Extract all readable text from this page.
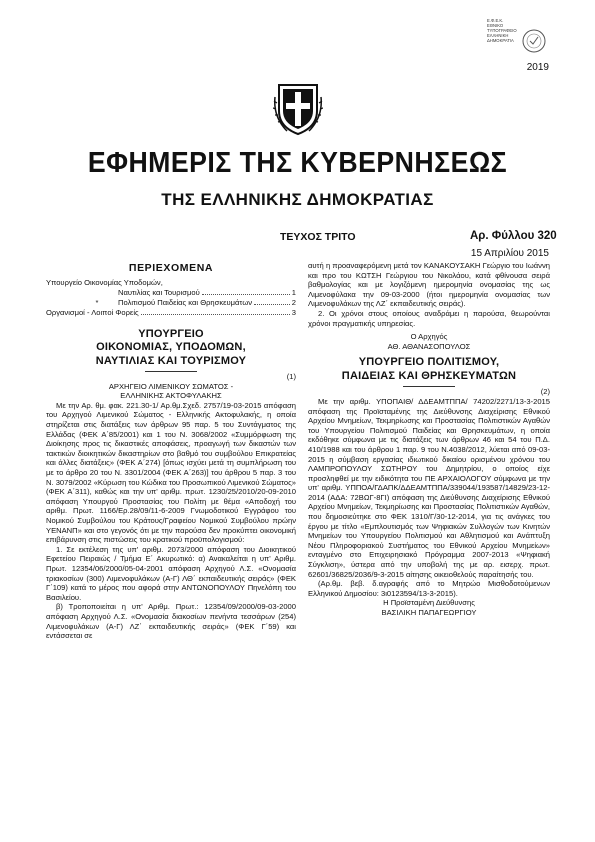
Ε.Φ.Ε.Κ.
ΕΘΝΙΚΟ
ΤΥΠΟΓΡΑΦΕΙΟ
ΕΛΛΗΝΙΚΗ
ΔΗΜΟΚΡΑΤΙΑ
2019
ΕΦΗΜΕΡΙΣ ΤΗΣ ΚΥΒΕΡΝΗΣΕΩΣ
ΤΗΣ ΕΛΛΗΝΙΚΗΣ ΔΗΜΟΚΡΑΤΙΑΣ
ΤΕΥΧΟΣ ΤΡΙΤΟ	Αρ. Φύλλου 320
15 Απριλίου 2015
ΠΕΡΙΕΧΟΜΕΝΑ
Υπουργείο Οικονομίας Υποδομών,
Ναυτιλίας και Τουρισμού	1
*	Πολιτισμού Παιδείας και Θρησκευμάτων	2
Οργανισμοί - Λοιποί Φορείς	3
ΥΠΟΥΡΓΕΙΟ
ΟΙΚΟΝΟΜΙΑΣ, ΥΠΟΔΟΜΩΝ,
ΝΑΥΤΙΛΙΑΣ ΚΑΙ ΤΟΥΡΙΣΜΟΥ
(1)
ΑΡΧΗΓΕΙΟ ΛΙΜΕΝΙΚΟΥ ΣΩΜΑΤΟΣ -
ΕΛΛΗΝΙΚΗΣ ΑΚΤΟΦΥΛΑΚΗΣ

Με την Αρ. θμ. φακ. 221.30-1/ Αρ.θμ.Σχεδ. 2757/19-03-2015 απόφαση του Αρχηγού Λιμενικού Σώματος - Ελληνικής Ακτοφυλακής, η οποία στηρίζεται στις διατάξεις των άρθρων 95 παρ. 5 του Συντάγματος της Ελλάδας (ΦΕΚ Α΄85/2001) και 1 του Ν. 3068/2002 «Συμμόρφωση της Διοίκησης προς τις δικαστικές αποφάσεις, προαγωγή των δικαστών των τακτικών διοικητικών δικαστηρίων στο βαθμό του συμβούλου Επικρατείας και άλλες διατάξεις» (ΦΕΚ Α΄274) [όπως ισχύει μετά τη συμπλήρωση του με το άρθρο 20 του Ν. 3301/2004 (ΦΕΚ Α΄263)] του άρθρου 5 παρ. 3 του Ν. 3079/2002 «Κύρωση του Κώδικα του Προσωπικού Λιμενικού Σώματος» (ΦΕΚ Α΄311), καθώς και την υπ' αριθμ. πρωτ. 1230/25/2010/20-09-2010 απόφαση Υπουργού Προστασίας του Πολίτη με θέμα «Αποδοχή του αριθμ. Πρωτ. 1166/Ερ.28/09/11-6-2009 Γνωμοδοτικού Εγγράφου του Νομικού Συμβούλου του Κράτους/Γραφείου Νομικού Συμβούλου πρώην ΥΕΝΑΝΠ» και στο γεγονός ότι με την παρούσα δεν προκύπτει οικονομική επιβάρυνση στις πιστώσεις του κρατικού προϋπολογισμού:

1. Σε εκτέλεση της υπ' αριθμ. 2073/2000 απόφαση του Διοικητικού Εφετείου Πειραιώς / Τμήμα Ε΄ Ακυρωτικό: α) Ανακαλείται η υπ' Αριθμ. Πρωτ. 12354/06/2000/05-04-2001 απόφαση Αρχηγού Λ.Σ. «Ονομασία τριακοσίων (300) Λιμενοφυλάκων (Α-Γ) ΛΘ΄ εκπαιδευτικής σειράς» (ΦΕΚ Γ΄109) κατά το μέρος που αφορά στην ΑΝΤΩΝΟΠΟΥΛΟΥ Πηνελόπη του Βασιλείου.

β) Τροποποιείται η υπ' Αριθμ. Πρωτ.: 12354/09/2000/09-03-2000 απόφαση Αρχηγού Λ.Σ. «Ονομασία διακοσίων πενήντα τεσσάρων (254) Λιμενοφυλάκων (Α-Γ) ΛΖ΄ εκπαιδευτικής σειράς» (ΦΕΚ Γ΄59) και εντάσσεται σε

αυτή η προαναφερόμενη μετά τον ΚΑΝΑΚΟΥΣΑΚΗ Γεώργιο του Ιωάννη και προ του ΚΩΤΣΗ Γεώργιου του Νικολάου, κατά φθίνουσα σειρά βαθμολογίας και με λογιζόμενη ημερομηνία ονομασίας της ως Λιμενοφύλακα την 09-03-2000 (ήτοι ημερομηνία ονομασίας των Λιμενοφυλάκων της ΛΖ΄ εκπαιδευτικής σειράς).

2. Οι χρόνοι στους οποίους αναδράμει η παρούσα, θεωρούνται χρόνοι πραγματικής υπηρεσίας.

Ο Αρχηγός
ΑΘ. ΑΘΑΝΑΣΟΠΟΥΛΟΣ
ΥΠΟΥΡΓΕΙΟ ΠΟΛΙΤΙΣΜΟΥ,
ΠΑΙΔΕΙΑΣ ΚΑΙ ΘΡΗΣΚΕΥΜΑΤΩΝ
(2)

Με την αριθμ. ΥΠΟΠΑΙΘ/ ΔΔΕΑΜΤΠΠΑ/ 74202/2271/13-3-2015 απόφαση της Προϊσταμένης της Διεύθυνσης Διαχείρισης Εθνικού Αρχείου Μνημείων, Τεκμηρίωσης και Προστασίας Πολιτιστικών Αγαθών του Υπουργείου Πολιτισμού Παιδείας και Θρησκευμάτων, η οποία εκδόθηκε σύμφωνα με τις διατάξεις των άρθρων 46 και 54 του Π.Δ. 410/1988 και του άρθρου 1 παρ. 9 του Ν.4038/2012, λύεται από 09-03-2015 η σύμβαση εργασίας ιδιωτικού δικαίου ορισμένου χρόνου του ΛΑΜΠΡΟΠΟΥΛΟΥ ΣΩΤΗΡΟΥ του Δημητρίου, ο οποίος είχε προσληφθεί με την ειδικότητα του ΠΕ ΑΡΧΑΙΟΛΟΓΟΥ σύμφωνα με την υπ' αριθμ. ΥΠΠΟΑ/ΓΔΑΠΚ/ΔΔΕΑΜΤΠΠΑ/339044/193587/14829/23-12-2014 (ΑΔΑ: 72ΒΩΓ-8ΓΙ) απόφαση της Διεύθυνσης Διαχείρισης Εθνικού Αρχείου Μνημείων, Τεκμηρίωσης και Προστασίας Πολιτιστικών Αγαθών, που δημοσιεύτηκε στο ΦΕΚ 1310/Γ/30-12-2014, για τις ανάγκες του έργου με τίτλο «Εμπλουτισμός των Ψηφιακών Συλλογών των Κινητών Μνημείων του Υπουργείου Πολιτισμού και Αθλητισμού και Ανάπτυξη Νέου Πληροφοριακού Συστήματος του Εθνικού Αρχείου Μνημείων» ενταγμένο στο Επιχειρησιακό Πρόγραμμα 2007-2013 «Ψηφιακή Σύγκλιση», ύστερα από την υποβολή της με αρ. εισερχ. πρωτ. 62601/36825/2036/9-3-2015 αίτησης οικειοθελούς παραίτησής του.

(Αρ.θμ. βεβ. δ.αγραφής από το Μητρώο Μισθοδοτούμενων Ελληνικού Δημοσίου: 3ι0123594/13-3-2015).

Η Προϊσταμένη Διεύθυνσης
ΒΑΣΙΛΙΚΗ ΠΑΠΑΓΕΩΡΓΙΟΥ
